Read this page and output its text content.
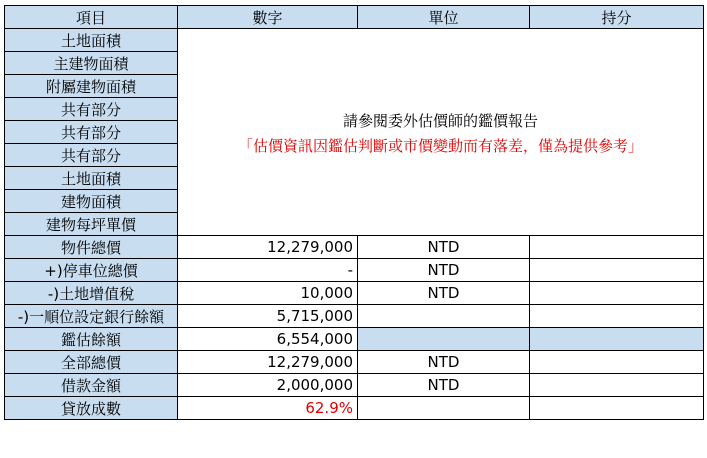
項目	數字	單位	持分
土地面積	請參閱委外估價師的鑑價報告
「估價資訊因鑑估判斷或市價變動而有落差，僅為提供參考」		

主建物面積			
附屬建物面積			
共有部分			
共有部分			
共有部分			
土地面積			
建物面積			
建物每坪單價			
物件總價	12,279,000	NTD	
+)停車位總價	-	NTD	
-)土地增值稅	10,000	NTD	
-)一順位設定銀行餘額	5,715,000		
鑑估餘額	6,554,000		
全部總價	12,279,000	NTD	
借款金額	2,000,000	NTD	
貸放成數	62.9%		
